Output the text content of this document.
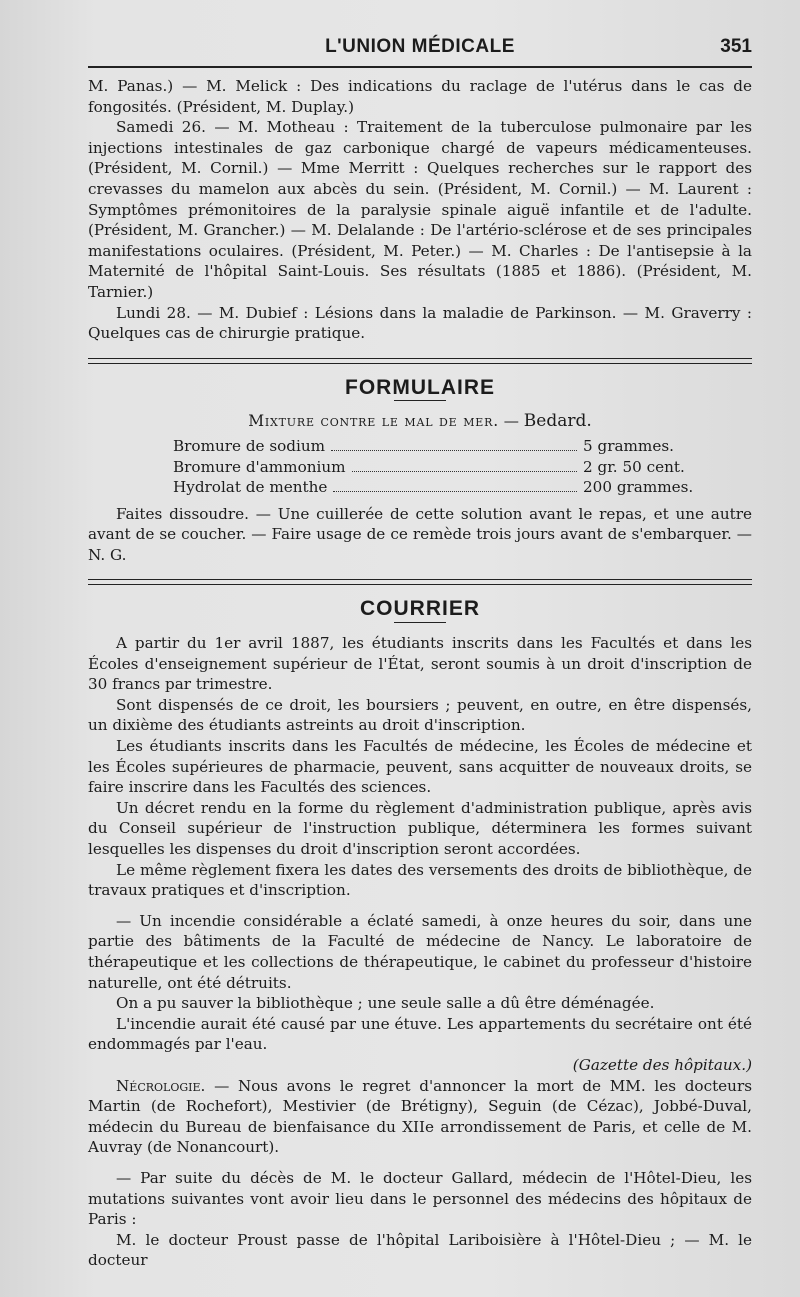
L'UNION MÉDICALE	351

M. Panas.) — M. Melick : Des indications du raclage de l'utérus dans le cas de fongosités. (Président, M. Duplay.)

Samedi 26. — M. Motheau : Traitement de la tuberculose pulmonaire par les injections intestinales de gaz carbonique chargé de vapeurs médicamenteuses. (Président, M. Cornil.) — Mme Merritt : Quelques recherches sur le rapport des crevasses du mamelon aux abcès du sein. (Président, M. Cornil.) — M. Laurent : Symptômes prémonitoires de la paralysie spinale aiguë infantile et de l'adulte. (Président, M. Grancher.) — M. Delalande : De l'artério-sclérose et de ses principales manifestations oculaires. (Président, M. Peter.) — M. Charles : De l'antisepsie à la Maternité de l'hôpital Saint-Louis. Ses résultats (1885 et 1886). (Président, M. Tarnier.)

Lundi 28. — M. Dubief : Lésions dans la maladie de Parkinson. — M. Graverry : Quelques cas de chirurgie pratique.

FORMULAIRE
Mixture contre le mal de mer. — Bedard.
Bromure de sodium	5 grammes.
Bromure d'ammonium	2 gr. 50 cent.
Hydrolat de menthe	200 grammes.

Faites dissoudre. — Une cuillerée de cette solution avant le repas, et une autre avant de se coucher. — Faire usage de ce remède trois jours avant de s'embarquer. — N. G.

COURRIER

A partir du 1er avril 1887, les étudiants inscrits dans les Facultés et dans les Écoles d'enseignement supérieur de l'État, seront soumis à un droit d'inscription de 30 francs par trimestre.

Sont dispensés de ce droit, les boursiers ; peuvent, en outre, en être dispensés, un dixième des étudiants astreints au droit d'inscription.

Les étudiants inscrits dans les Facultés de médecine, les Écoles de médecine et les Écoles supérieures de pharmacie, peuvent, sans acquitter de nouveaux droits, se faire inscrire dans les Facultés des sciences.

Un décret rendu en la forme du règlement d'administration publique, après avis du Conseil supérieur de l'instruction publique, déterminera les formes suivant lesquelles les dispenses du droit d'inscription seront accordées.

Le même règlement fixera les dates des versements des droits de bibliothèque, de travaux pratiques et d'inscription.

— Un incendie considérable a éclaté samedi, à onze heures du soir, dans une partie des bâtiments de la Faculté de médecine de Nancy. Le laboratoire de thérapeutique et les collections de thérapeutique, le cabinet du professeur d'histoire naturelle, ont été détruits.

On a pu sauver la bibliothèque ; une seule salle a dû être déménagée.

L'incendie aurait été causé par une étuve. Les appartements du secrétaire ont été endommagés par l'eau.

(Gazette des hôpitaux.)

Nécrologie. — Nous avons le regret d'annoncer la mort de MM. les docteurs Martin (de Rochefort), Mestivier (de Brétigny), Seguin (de Cézac), Jobbé-Duval, médecin du Bureau de bienfaisance du XIIe arrondissement de Paris, et celle de M. Auvray (de Nonancourt).

— Par suite du décès de M. le docteur Gallard, médecin de l'Hôtel-Dieu, les mutations suivantes vont avoir lieu dans le personnel des médecins des hôpitaux de Paris :

M. le docteur Proust passe de l'hôpital Lariboisière à l'Hôtel-Dieu ; — M. le docteur
